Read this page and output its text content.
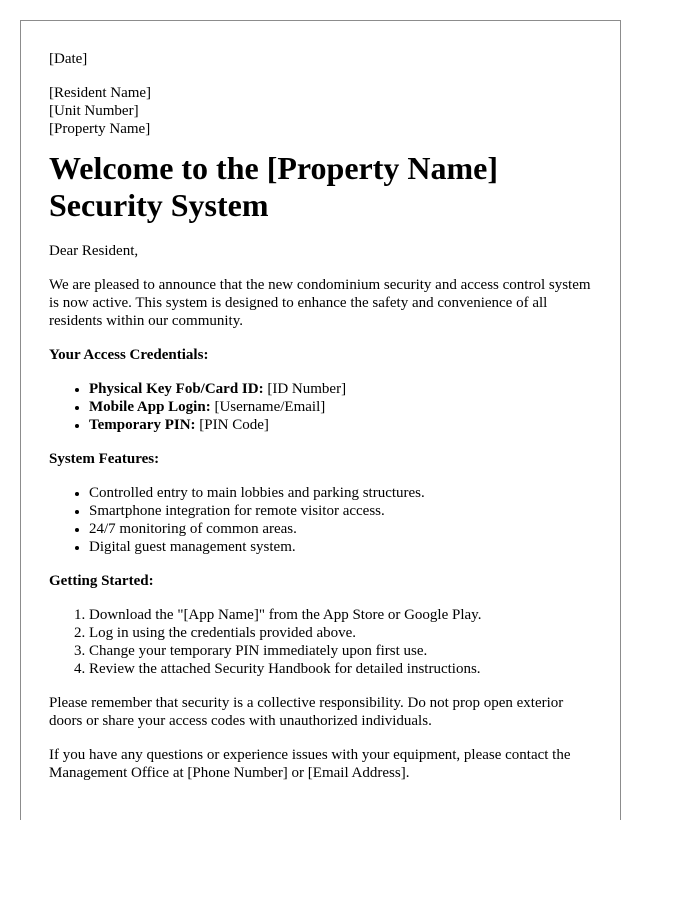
[Date]

[Resident Name]

[Unit Number]

[Property Name]

Welcome to the [Property Name] Security System

Dear Resident,

We are pleased to announce that the new condominium security and access control system is now active. This system is designed to enhance the safety and convenience of all residents within our community.

Your Access Credentials:

• Physical Key Fob/Card ID: [ID Number]
• Mobile App Login: [Username/Email]
• Temporary PIN: [PIN Code]

System Features:

• Controlled entry to main lobbies and parking structures.
• Smartphone integration for remote visitor access.
• 24/7 monitoring of common areas.
• Digital guest management system.

Getting Started:

1. Download the "[App Name]" from the App Store or Google Play.
2. Log in using the credentials provided above.
3. Change your temporary PIN immediately upon first use.
4. Review the attached Security Handbook for detailed instructions.

Please remember that security is a collective responsibility. Do not prop open exterior doors or share your access codes with unauthorized individuals.

If you have any questions or experience issues with your equipment, please contact the Management Office at [Phone Number] or [Email Address].
